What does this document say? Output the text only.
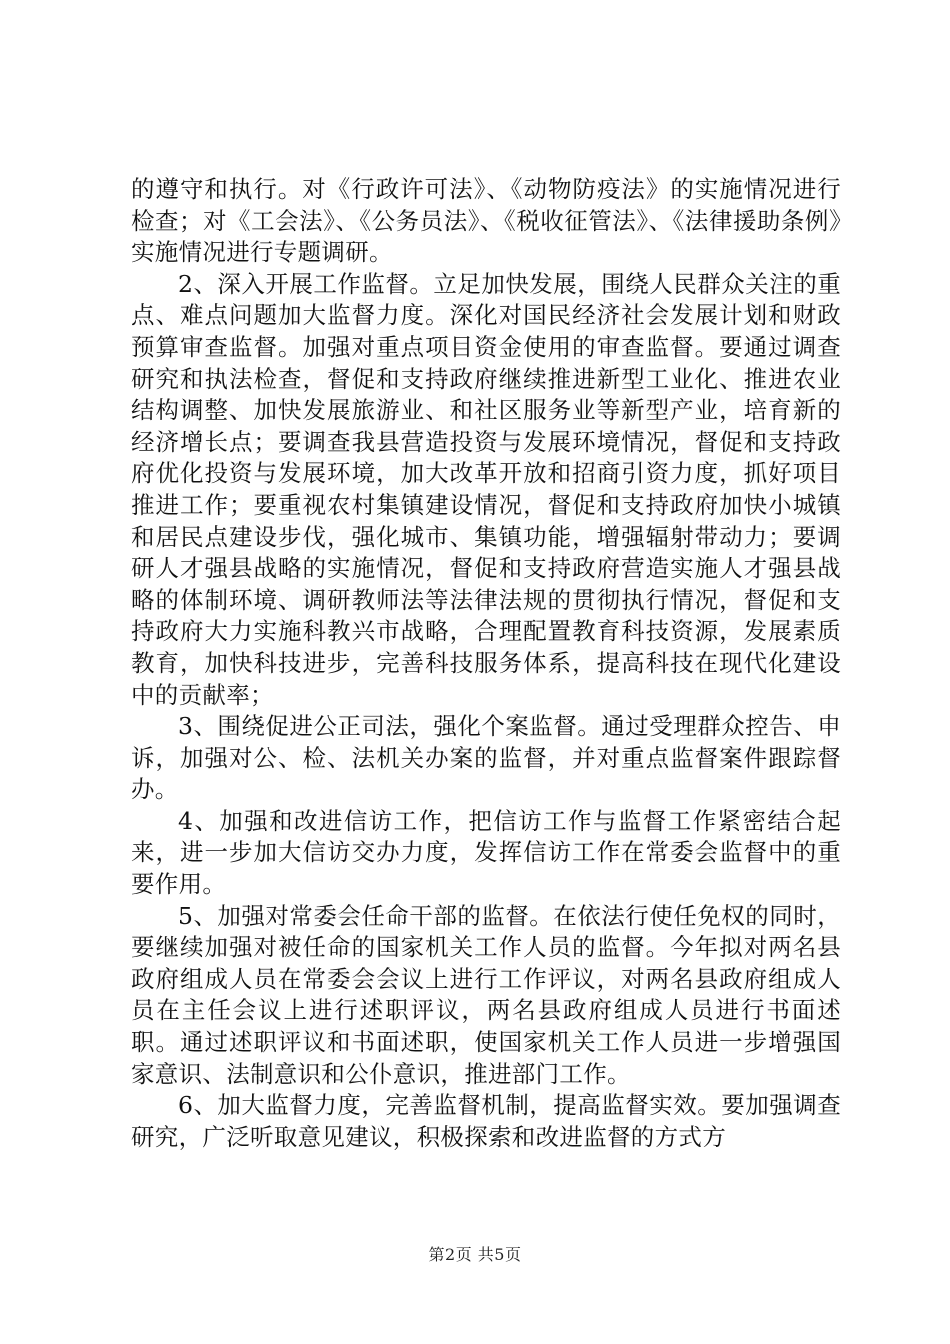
的遵守和执行。对《行政许可法》、《动物防疫法》的实施情况进行检查；对《工会法》、《公务员法》、《税收征管法》、《法律援助条例》实施情况进行专题调研。

2、深入开展工作监督。立足加快发展，围绕人民群众关注的重点、难点问题加大监督力度。深化对国民经济社会发展计划和财政预算审查监督。加强对重点项目资金使用的审查监督。要通过调查研究和执法检查，督促和支持政府继续推进新型工业化、推进农业结构调整、加快发展旅游业、和社区服务业等新型产业，培育新的经济增长点；要调查我县营造投资与发展环境情况，督促和支持政府优化投资与发展环境，加大改革开放和招商引资力度，抓好项目推进工作；要重视农村集镇建设情况，督促和支持政府加快小城镇和居民点建设步伐，强化城市、集镇功能，增强辐射带动力；要调研人才强县战略的实施情况，督促和支持政府营造实施人才强县战略的体制环境、调研教师法等法律法规的贯彻执行情况，督促和支持政府大力实施科教兴市战略，合理配置教育科技资源，发展素质教育，加快科技进步，完善科技服务体系，提高科技在现代化建设中的贡献率；

3、围绕促进公正司法，强化个案监督。通过受理群众控告、申诉，加强对公、检、法机关办案的监督，并对重点监督案件跟踪督办。

4、加强和改进信访工作，把信访工作与监督工作紧密结合起来，进一步加大信访交办力度，发挥信访工作在常委会监督中的重要作用。

5、加强对常委会任命干部的监督。在依法行使任免权的同时，要继续加强对被任命的国家机关工作人员的监督。今年拟对两名县政府组成人员在常委会会议上进行工作评议，对两名县政府组成人员在主任会议上进行述职评议，两名县政府组成人员进行书面述职。通过述职评议和书面述职，使国家机关工作人员进一步增强国家意识、法制意识和公仆意识，推进部门工作。

6、加大监督力度，完善监督机制，提高监督实效。要加强调查研究，广泛听取意见建议，积极探索和改进监督的方式方

第2页 共5页
